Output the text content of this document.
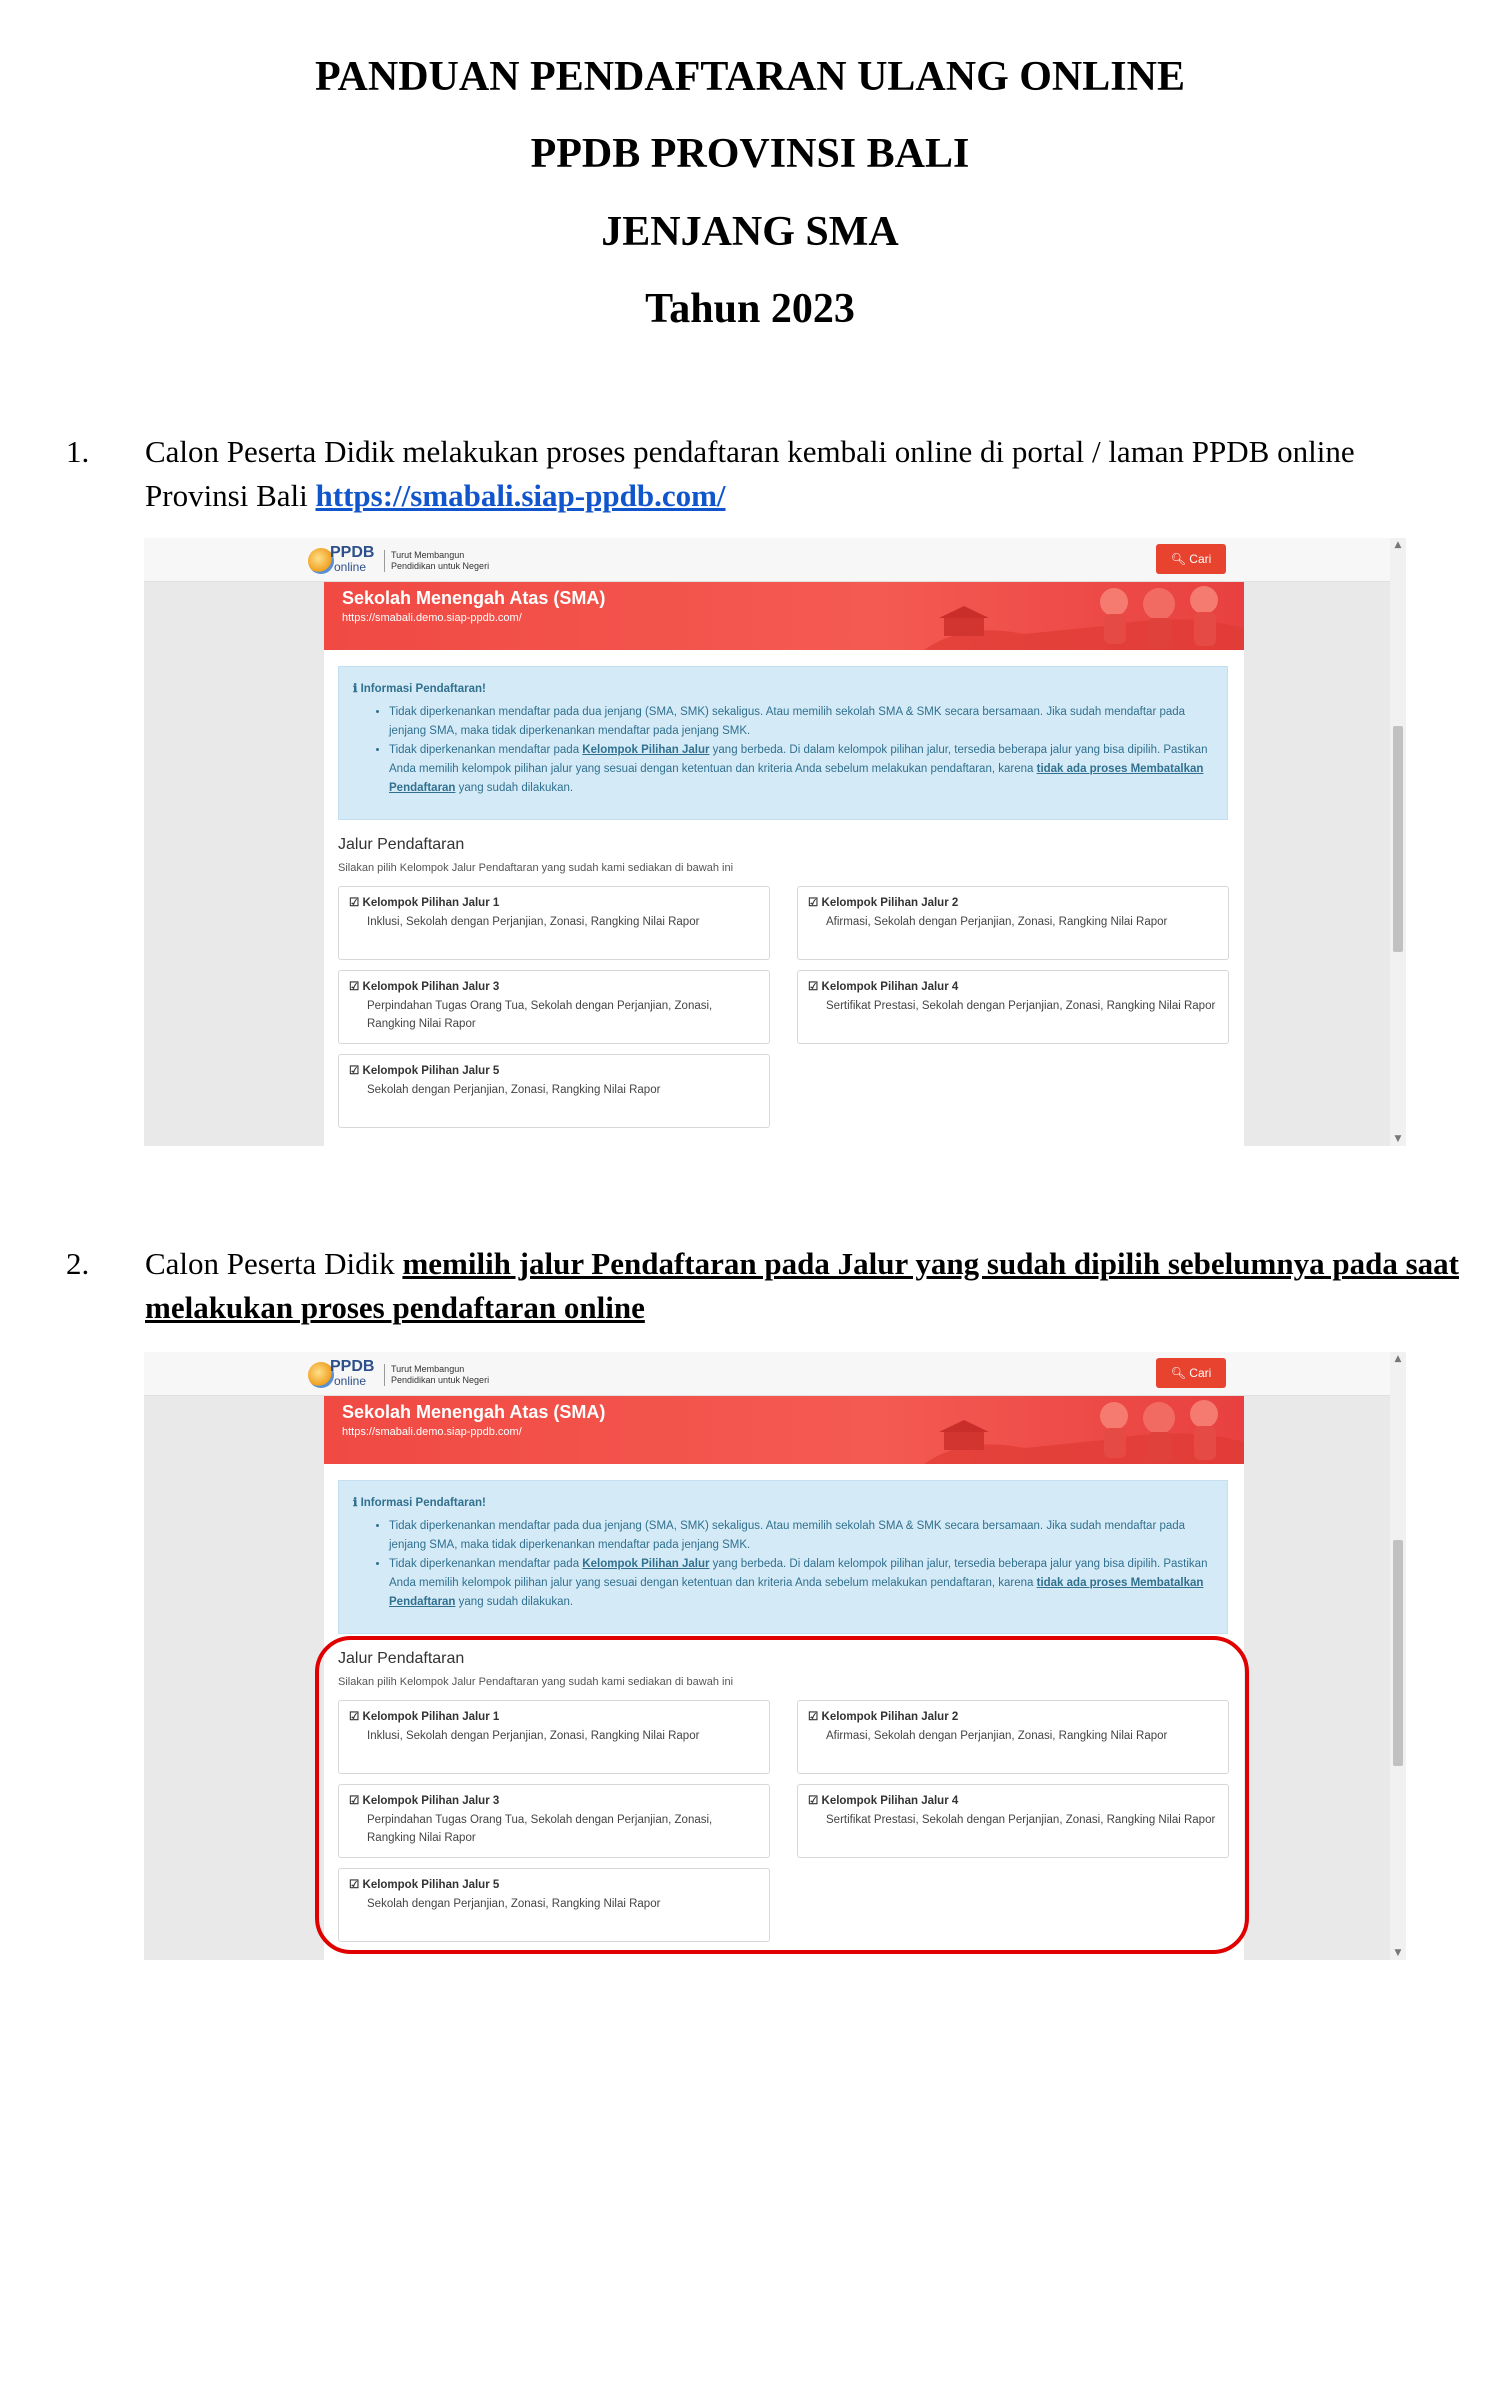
PANDUAN PENDAFTARAN ULANG ONLINE
PPDB PROVINSI BALI
JENJANG SMA
Tahun 2023
1. Calon Peserta Didik melakukan proses pendaftaran kembali online di portal / laman PPDB online Provinsi Bali https://smabali.siap-ppdb.com/
PPDB
online
Turut Membangun
Pendidikan untuk Negeri	🔍︎ Cari
Sekolah Menengah Atas (SMA)
https://smabali.demo.siap-ppdb.com/
ℹ︎ Informasi Pendaftaran!
• Tidak diperkenankan mendaftar pada dua jenjang (SMA, SMK) sekaligus. Atau memilih sekolah SMA & SMK secara bersamaan. Jika sudah mendaftar pada jenjang SMA, maka tidak diperkenankan mendaftar pada jenjang SMK.
• Tidak diperkenankan mendaftar pada Kelompok Pilihan Jalur yang berbeda. Di dalam kelompok pilihan jalur, tersedia beberapa jalur yang bisa dipilih. Pastikan Anda memilih kelompok pilihan jalur yang sesuai dengan ketentuan dan kriteria Anda sebelum melakukan pendaftaran, karena tidak ada proses Membatalkan Pendaftaran yang sudah dilakukan.
Jalur Pendaftaran
Silakan pilih Kelompok Jalur Pendaftaran yang sudah kami sediakan di bawah ini
☑ Kelompok Pilihan Jalur 1
Inklusi, Sekolah dengan Perjanjian, Zonasi, Rangking Nilai Rapor
☑ Kelompok Pilihan Jalur 2
Afirmasi, Sekolah dengan Perjanjian, Zonasi, Rangking Nilai Rapor
☑ Kelompok Pilihan Jalur 3
Perpindahan Tugas Orang Tua, Sekolah dengan Perjanjian, Zonasi, Rangking Nilai Rapor
☑ Kelompok Pilihan Jalur 4
Sertifikat Prestasi, Sekolah dengan Perjanjian, Zonasi, Rangking Nilai Rapor
☑ Kelompok Pilihan Jalur 5
Sekolah dengan Perjanjian, Zonasi, Rangking Nilai Rapor
▲
▼
2. Calon Peserta Didik memilih jalur Pendaftaran pada Jalur yang sudah dipilih sebelumnya pada saat melakukan proses pendaftaran online
PPDB
online
Turut Membangun
Pendidikan untuk Negeri	🔍︎ Cari
Sekolah Menengah Atas (SMA)
https://smabali.demo.siap-ppdb.com/
ℹ︎ Informasi Pendaftaran!
• Tidak diperkenankan mendaftar pada dua jenjang (SMA, SMK) sekaligus. Atau memilih sekolah SMA & SMK secara bersamaan. Jika sudah mendaftar pada jenjang SMA, maka tidak diperkenankan mendaftar pada jenjang SMK.
• Tidak diperkenankan mendaftar pada Kelompok Pilihan Jalur yang berbeda. Di dalam kelompok pilihan jalur, tersedia beberapa jalur yang bisa dipilih. Pastikan Anda memilih kelompok pilihan jalur yang sesuai dengan ketentuan dan kriteria Anda sebelum melakukan pendaftaran, karena tidak ada proses Membatalkan Pendaftaran yang sudah dilakukan.
Jalur Pendaftaran
Silakan pilih Kelompok Jalur Pendaftaran yang sudah kami sediakan di bawah ini
☑ Kelompok Pilihan Jalur 1
Inklusi, Sekolah dengan Perjanjian, Zonasi, Rangking Nilai Rapor
☑ Kelompok Pilihan Jalur 2
Afirmasi, Sekolah dengan Perjanjian, Zonasi, Rangking Nilai Rapor
☑ Kelompok Pilihan Jalur 3
Perpindahan Tugas Orang Tua, Sekolah dengan Perjanjian, Zonasi, Rangking Nilai Rapor
☑ Kelompok Pilihan Jalur 4
Sertifikat Prestasi, Sekolah dengan Perjanjian, Zonasi, Rangking Nilai Rapor
☑ Kelompok Pilihan Jalur 5
Sekolah dengan Perjanjian, Zonasi, Rangking Nilai Rapor
▲
▼
